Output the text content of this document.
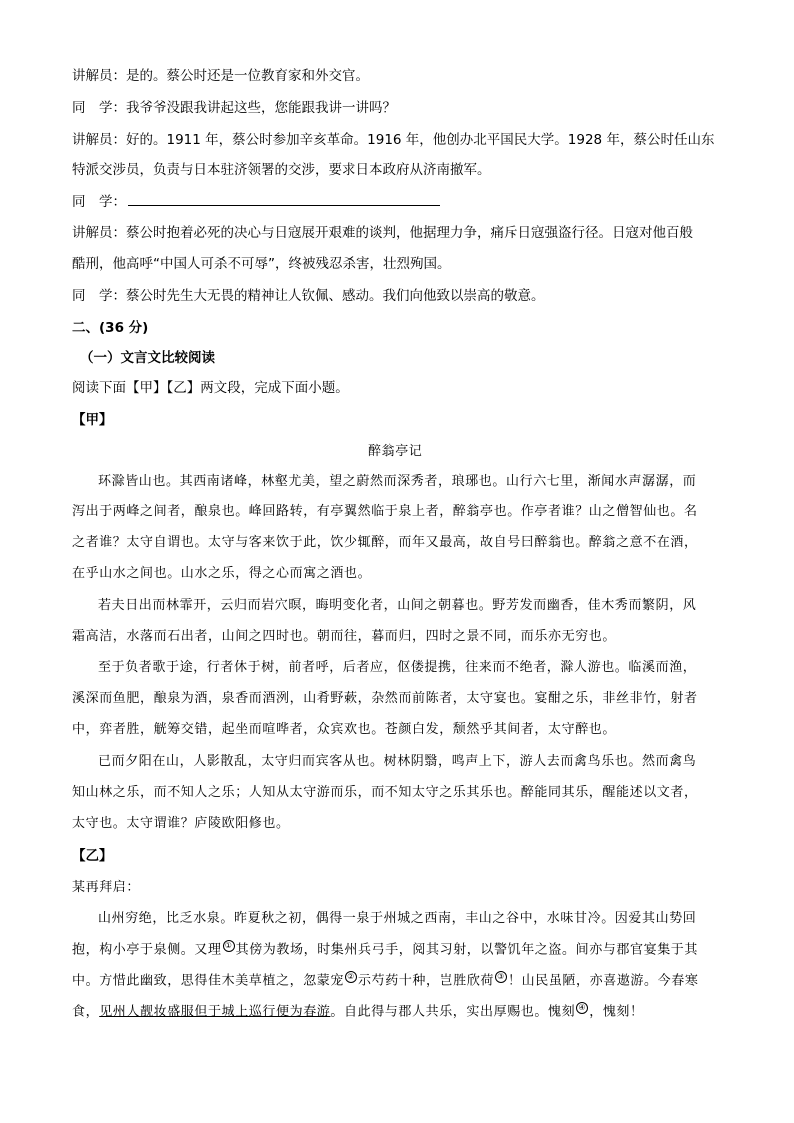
讲解员：是的。蔡公时还是一位教育家和外交官。
同　学：我爷爷没跟我讲起这些，您能跟我讲一讲吗？
讲解员：好的。1911 年，蔡公时参加辛亥革命。1916 年，他创办北平国民大学。1928 年，蔡公时任山东
特派交涉员，负责与日本驻济领署的交涉，要求日本政府从济南撤军。
同　学：
讲解员：蔡公时抱着必死的决心与日寇展开艰难的谈判，他据理力争，痛斥日寇强盗行径。日寇对他百般
酷刑，他高呼“中国人可杀不可辱”，终被残忍杀害，壮烈殉国。
同　学：蔡公时先生大无畏的精神让人钦佩、感动。我们向他致以崇高的敬意。
二、(36 分)
（一）文言文比较阅读
阅读下面【甲】【乙】两文段，完成下面小题。
【甲】
醉翁亭记
环滁皆山也。其西南诸峰，林壑尤美，望之蔚然而深秀者，琅琊也。山行六七里，渐闻水声潺潺，而
泻出于两峰之间者，酿泉也。峰回路转，有亭翼然临于泉上者，醉翁亭也。作亭者谁？山之僧智仙也。名
之者谁？太守自谓也。太守与客来饮于此，饮少辄醉，而年又最高，故自号曰醉翁也。醉翁之意不在酒，
在乎山水之间也。山水之乐，得之心而寓之酒也。
若夫日出而林霏开，云归而岩穴暝，晦明变化者，山间之朝暮也。野芳发而幽香，佳木秀而繁阴，风
霜高洁，水落而石出者，山间之四时也。朝而往，暮而归，四时之景不同，而乐亦无穷也。
至于负者歌于途，行者休于树，前者呼，后者应，伛偻提携，往来而不绝者，滁人游也。临溪而渔，
溪深而鱼肥，酿泉为酒，泉香而酒洌，山肴野蔌，杂然而前陈者，太守宴也。宴酣之乐，非丝非竹，射者
中，弈者胜，觥筹交错，起坐而喧哗者，众宾欢也。苍颜白发，颓然乎其间者，太守醉也。
已而夕阳在山，人影散乱，太守归而宾客从也。树林阴翳，鸣声上下，游人去而禽鸟乐也。然而禽鸟
知山林之乐，而不知人之乐；人知从太守游而乐，而不知太守之乐其乐也。醉能同其乐，醒能述以文者，
太守也。太守谓谁？庐陵欧阳修也。
【乙】
某再拜启：
山州穷绝，比乏水泉。昨夏秋之初，偶得一泉于州城之西南，丰山之谷中，水味甘冷。因爱其山势回
抱，构小亭于泉侧。又理 ① 其傍为教场，时集州兵弓手，阅其习射，以警饥年之盗。间亦与郡官宴集于其
中。方惜此幽致，思得佳木美草植之，忽蒙宠 ② 示芍药十种，岂胜欣荷 ③ ！山民虽陋，亦喜遨游。今春寒
食，见州人靓妆盛服但于城上巡行便为春游。自此得与郡人共乐，实出厚赐也。愧刻 ④ ，愧刻！
